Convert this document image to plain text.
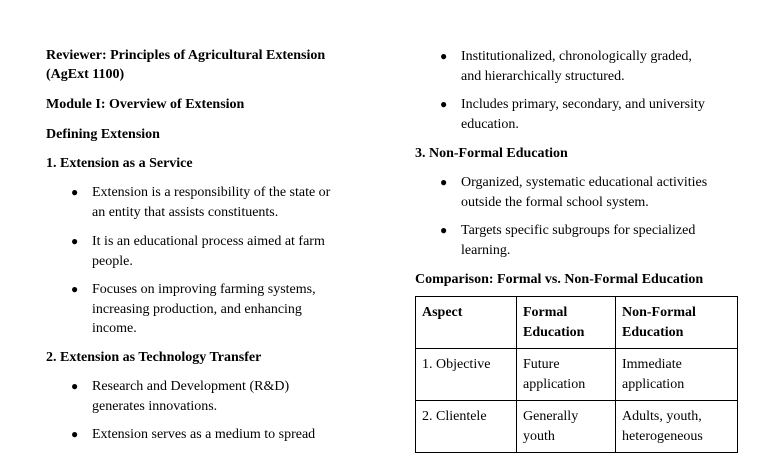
Reviewer: Principles of Agricultural Extension
(AgExt 1100)
Module I: Overview of Extension
Defining Extension
1. Extension as a Service
● Extension is a responsibility of the state or
an entity that assists constituents.
● It is an educational process aimed at farm
people.
● Focuses on improving farming systems,
increasing production, and enhancing
income.
2. Extension as Technology Transfer
● Research and Development (R&D)
generates innovations.
● Extension serves as a medium to spread
● Institutionalized, chronologically graded,
and hierarchically structured.
● Includes primary, secondary, and university
education.
3. Non-Formal Education
● Organized, systematic educational activities
outside the formal school system.
● Targets specific subgroups for specialized
learning.
Comparison: Formal vs. Non-Formal Education
Aspect	Formal Education	Non-Formal Education
1. Objective	Future application	Immediate application
2. Clientele	Generally youth	Adults, youth, heterogeneous
